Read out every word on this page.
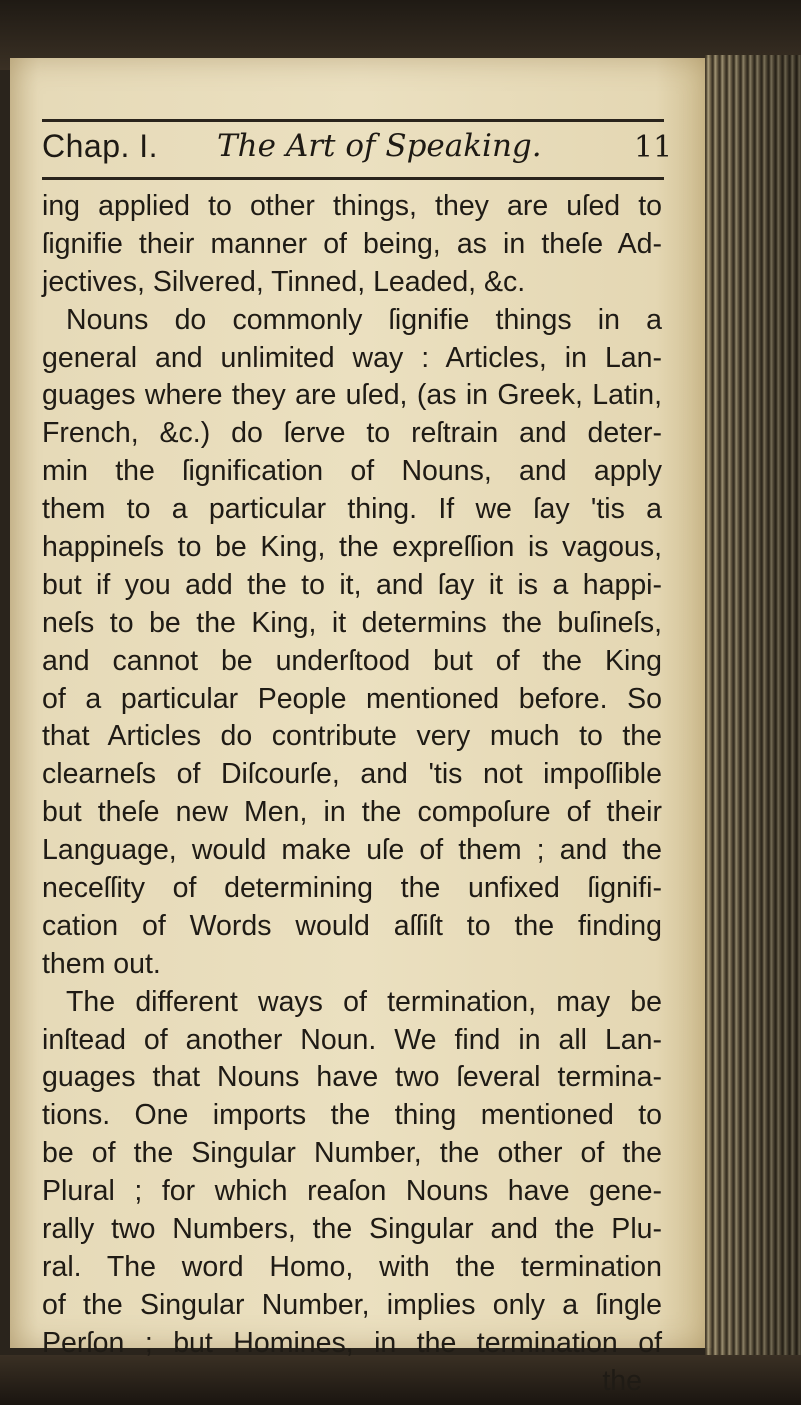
Chap. I. The Art of Speaking.	11
ing applied to other things, they are uſed to
ſignifie their manner of being, as in theſe Ad-
jectives, Silvered, Tinned, Leaded, &c.
Nouns do commonly ſignifie things in a
general and unlimited way : Articles, in Lan-
guages where they are uſed, (as in Greek, Latin,
French, &c.) do ſerve to reſtrain and deter-
min the ſignification of Nouns, and apply
them to a particular thing. If we ſay 'tis a
happineſs to be King, the expreſſion is vagous,
but if you add the to it, and ſay it is a happi-
neſs to be the King, it determins the buſineſs,
and cannot be underſtood but of the King
of a particular People mentioned before. So
that Articles do contribute very much to the
clearneſs of Diſcourſe, and 'tis not impoſſible
but theſe new Men, in the compoſure of their
Language, would make uſe of them ; and the
neceſſity of determining the unfixed ſignifi-
cation of Words would aſſiſt to the finding
them out.
The different ways of termination, may be
inſtead of another Noun. We find in all Lan-
guages that Nouns have two ſeveral termina-
tions. One imports the thing mentioned to
be of the Singular Number, the other of the
Plural ; for which reaſon Nouns have gene-
rally two Numbers, the Singular and the Plu-
ral. The word Homo, with the termination
of the Singular Number, implies only a ſingle
Perſon ; but Homines, in the termination of
the
